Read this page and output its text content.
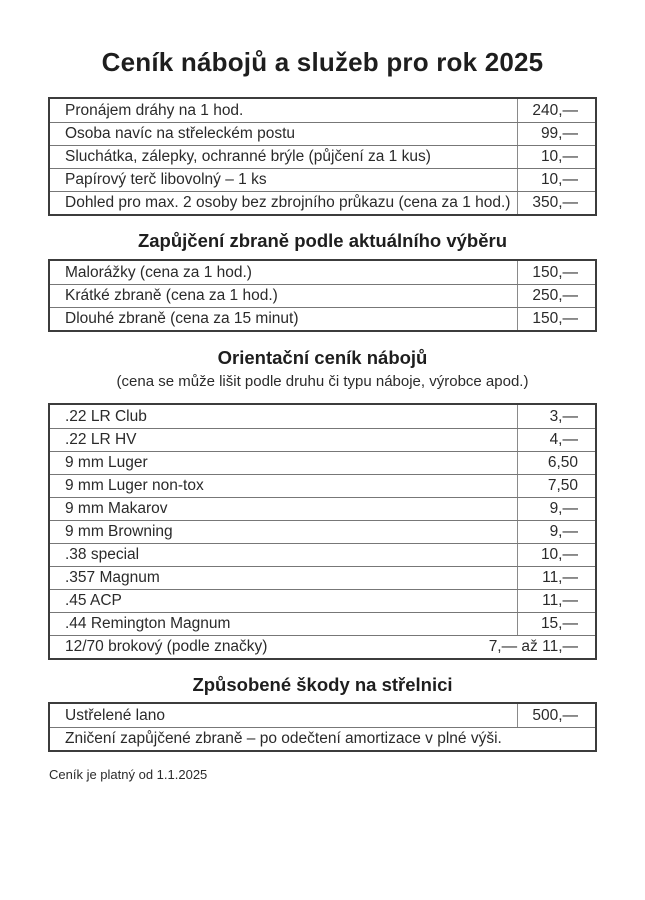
Ceník nábojů a služeb pro rok 2025
Pronájem dráhy na 1 hod.	240,—
Osoba navíc na střeleckém postu	99,—
Sluchátka, zálepky, ochranné brýle (půjčení za 1 kus)	10,—
Papírový terč libovolný – 1 ks	10,—
Dohled pro max. 2 osoby bez zbrojního průkazu (cena za 1 hod.)	350,—
Zapůjčení zbraně podle aktuálního výběru
Malorážky (cena za 1 hod.)	150,—
Krátké zbraně (cena za 1 hod.)	250,—
Dlouhé zbraně (cena za 15 minut)	150,—
Orientační ceník nábojů
(cena se může lišit podle druhu či typu náboje, výrobce apod.)
.22 LR Club	3,—
.22 LR HV	4,—
9 mm Luger	6,50
9 mm Luger non-tox	7,50
9 mm Makarov	9,—
9 mm Browning	9,—
.38 special	10,—
.357 Magnum	11,—
.45 ACP	11,—
.44 Remington Magnum	15,—
12/70 brokový (podle značky)	7,— až 11,—
Způsobené škody na střelnici
Ustřelené lano	500,—
Zničení zapůjčené zbraně – po odečtení amortizace v plné výši.
Ceník je platný od 1.1.2025
